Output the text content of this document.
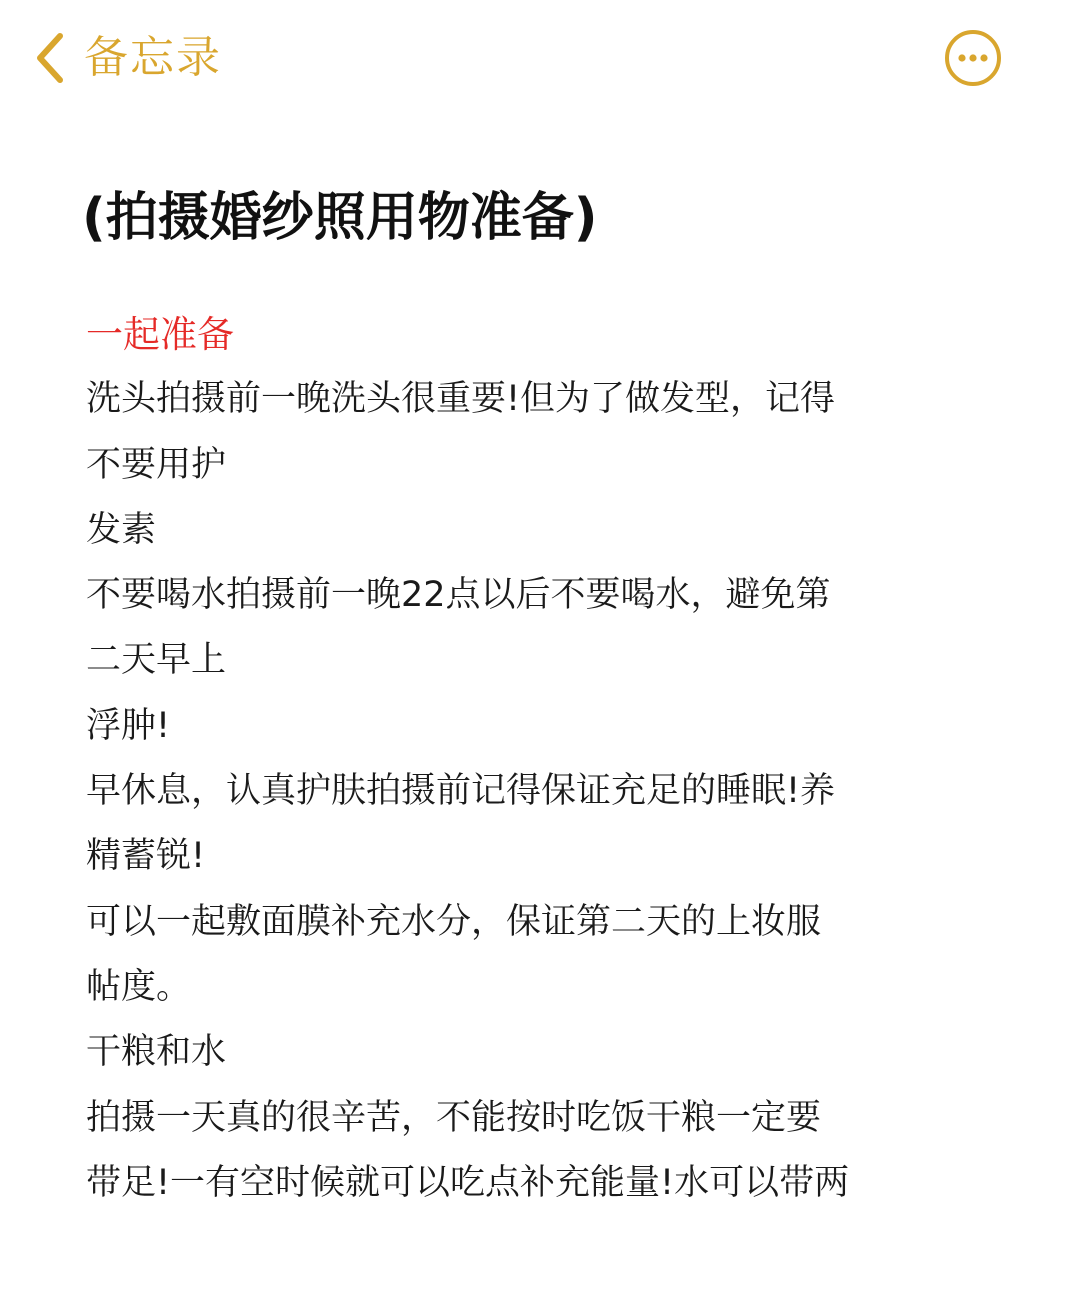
备忘录
(拍摄婚纱照用物准备)
一起准备
洗头拍摄前一晚洗头很重要!但为了做发型，记得
不要用护
发素
不要喝水拍摄前一晚22点以后不要喝水，避免第
二天早上
浮肿!
早休息，认真护肤拍摄前记得保证充足的睡眠!养
精蓄锐!
可以一起敷面膜补充水分，保证第二天的上妆服
帖度。
干粮和水
拍摄一天真的很辛苦，不能按时吃饭干粮一定要
带足!一有空时候就可以吃点补充能量!水可以带两
